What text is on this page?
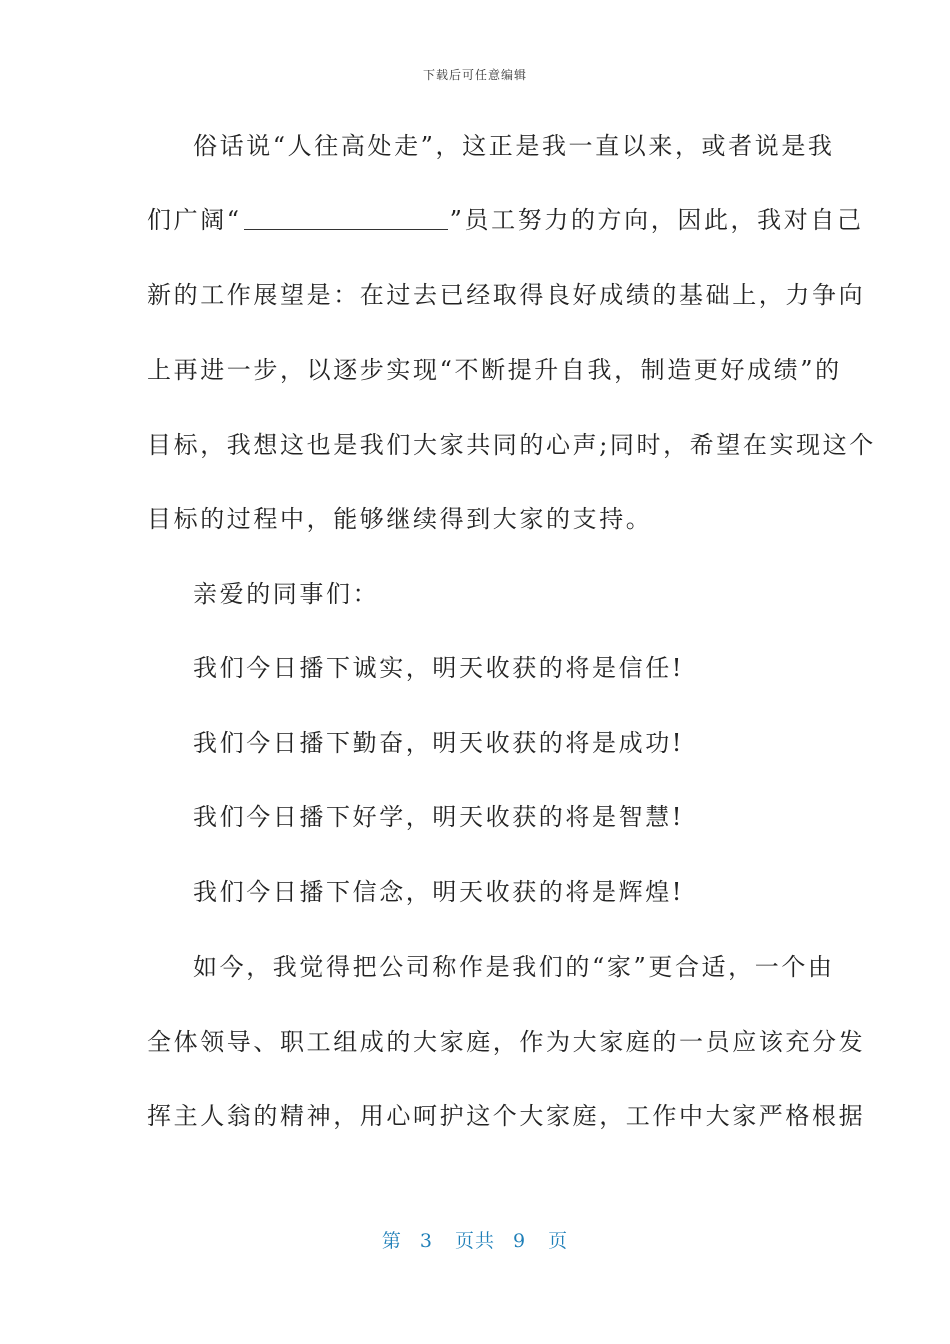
下载后可任意编辑
俗话说“人往高处走”，这正是我一直以来，或者说是我
们广阔“	”员工努力的方向，因此，我对自己
新的工作展望是：在过去已经取得良好成绩的基础上，力争向
上再进一步，以逐步实现“不断提升自我，制造更好成绩”的
目标，我想这也是我们大家共同的心声;同时，希望在实现这个
目标的过程中，能够继续得到大家的支持。
亲爱的同事们：
我们今日播下诚实，明天收获的将是信任!
我们今日播下勤奋，明天收获的将是成功!
我们今日播下好学，明天收获的将是智慧!
我们今日播下信念，明天收获的将是辉煌!
如今，我觉得把公司称作是我们的“家”更合适，一个由
全体领导、职工组成的大家庭，作为大家庭的一员应该充分发
挥主人翁的精神，用心呵护这个大家庭，工作中大家严格根据
第 3 页共 9 页
